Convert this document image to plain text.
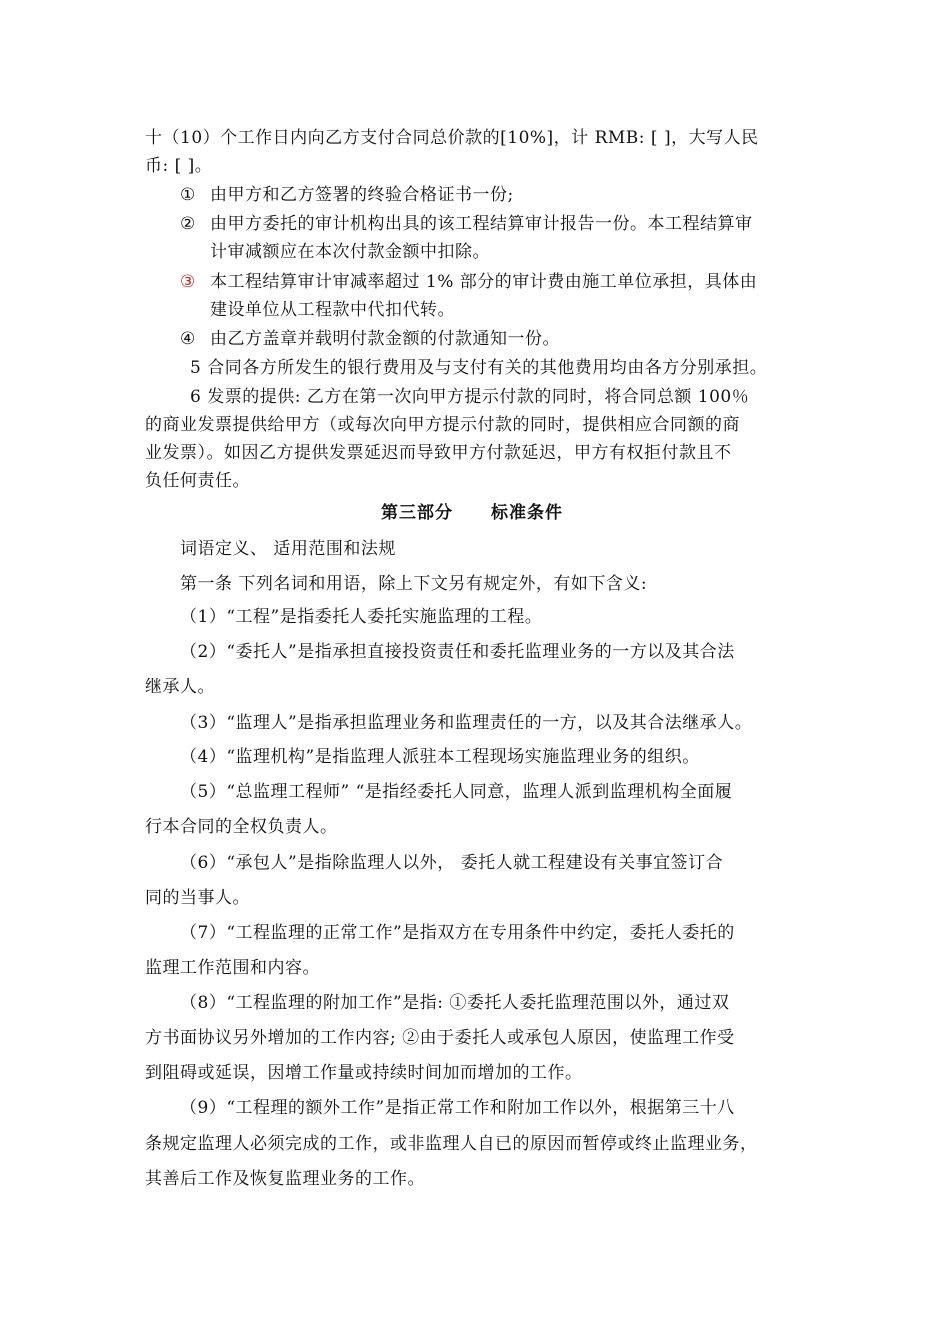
十（10）个工作日内向乙方支付合同总价款的[10%]，计 RMB: [ ]，大写人民
币: [ ]。
① 由甲方和乙方签署的终验合格证书一份;
② 由甲方委托的审计机构出具的该工程结算审计报告一份。本工程结算审
计审减额应在本次付款金额中扣除。
③ 本工程结算审计审减率超过 1% 部分的审计费由施工单位承担，具体由
建设单位从工程款中代扣代转。
④ 由乙方盖章并载明付款金额的付款通知一份。
5 合同各方所发生的银行费用及与支付有关的其他费用均由各方分别承担。
6 发票的提供: 乙方在第一次向甲方提示付款的同时，将合同总额 100％
的商业发票提供给甲方（或每次向甲方提示付款的同时，提供相应合同额的商
业发票）。如因乙方提供发票延迟而导致甲方付款延迟，甲方有权拒付款且不
负任何责任。
第三部分 标准条件
词语定义、 适用范围和法规
第一条 下列名词和用语，除上下文另有规定外，有如下含义:
（1）“工程”是指委托人委托实施监理的工程。
（2）“委托人”是指承担直接投资责任和委托监理业务的一方以及其合法
继承人。
（3）“监理人”是指承担监理业务和监理责任的一方，以及其合法继承人。
（4）“监理机构”是指监理人派驻本工程现场实施监理业务的组织。
（5）“总监理工程师” “是指经委托人同意，监理人派到监理机构全面履
行本合同的全权负责人。
（6）“承包人”是指除监理人以外， 委托人就工程建设有关事宜签订合
同的当事人。
（7）“工程监理的正常工作”是指双方在专用条件中约定，委托人委托的
监理工作范围和内容。
（8）“工程监理的附加工作”是指: ①委托人委托监理范围以外，通过双
方书面协议另外增加的工作内容; ②由于委托人或承包人原因，使监理工作受
到阻碍或延误，因增工作量或持续时间加而增加的工作。
（9）“工程理的额外工作”是指正常工作和附加工作以外，根据第三十八
条规定监理人必须完成的工作，或非监理人自已的原因而暂停或终止监理业务，
其善后工作及恢复监理业务的工作。
